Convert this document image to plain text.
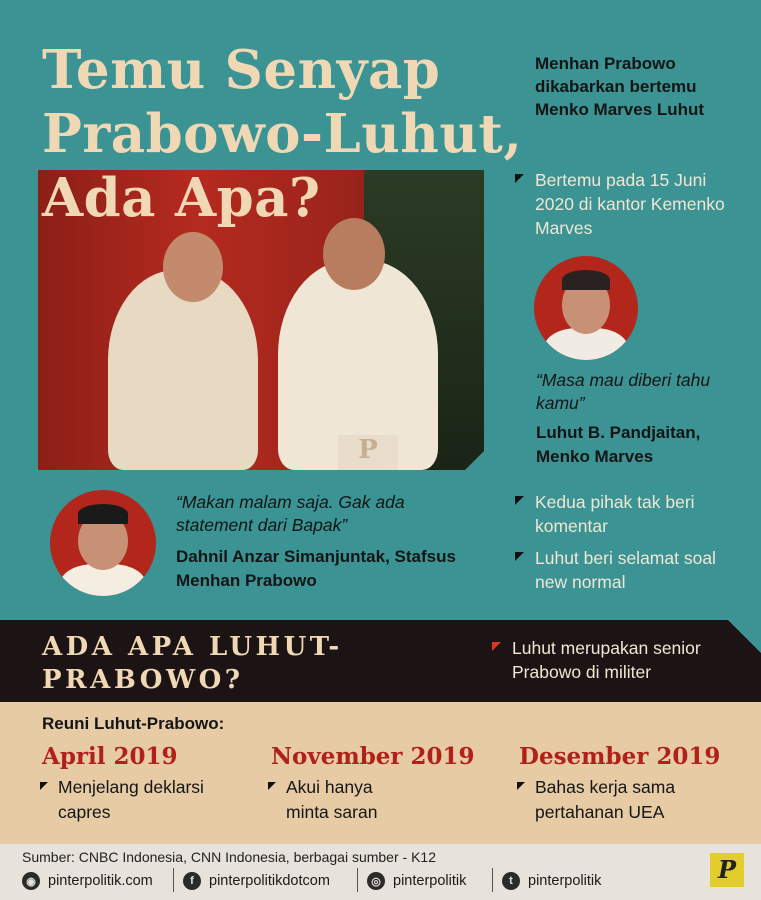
P
Temu Senyap
Prabowo-Luhut,
Ada Apa?
Menhan Prabowo dikabarkan bertemu Menko Marves Luhut
Bertemu pada 15 Juni 2020 di kantor Kemenko Marves
“Masa mau diberi tahu kamu”
Luhut B. Pandjaitan, Menko Marves
Kedua pihak tak beri komentar
Luhut beri selamat soal new normal
“Makan malam saja. Gak ada statement dari Bapak”
Dahnil Anzar Simanjuntak, Stafsus Menhan Prabowo
ADA APA LUHUT-
PRABOWO?
Luhut merupakan senior Prabowo di militer
Reuni Luhut-Prabowo:
April 2019
Menjelang deklarsi capres
November 2019
Akui hanya minta saran
Desember 2019
Bahas kerja sama pertahanan UEA
Sumber: CNBC Indonesia, CNN Indonesia, berbagai sumber - K12
◉ pinterpolitik.com	f	pinterpolitikdotcom	◎ pinterpolitik	t	pinterpolitik	P
